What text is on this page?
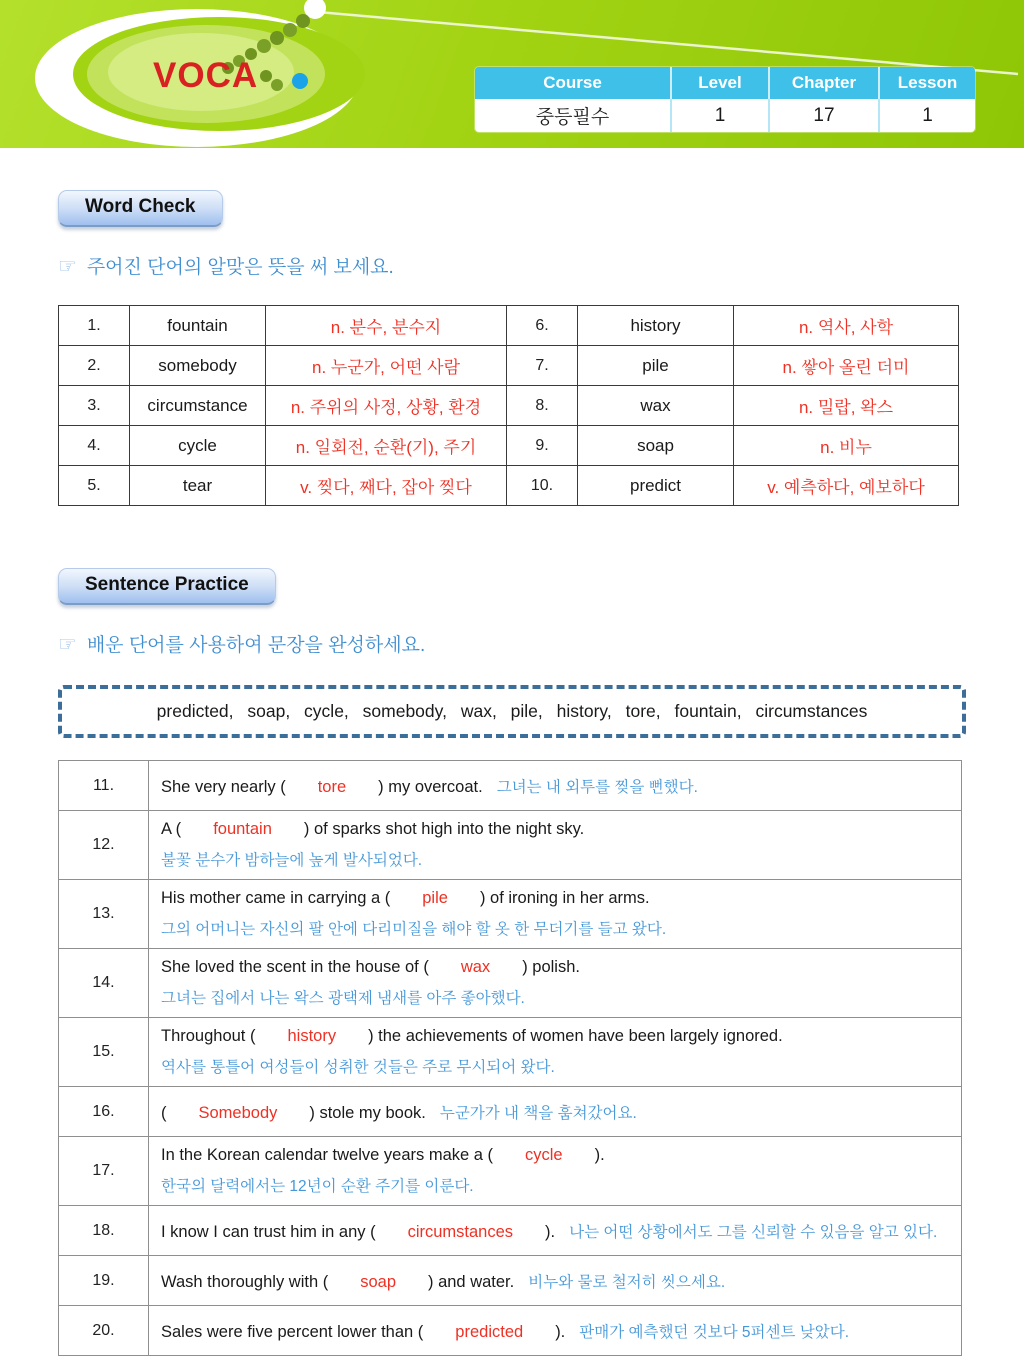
VOCA	Course	Level	Chapter	Lesson
중등필수	1	17	1
Word Check
☞ 주어진 단어의 알맞은 뜻을 써 보세요.
1.	fountain	n. 분수, 분수지	6.	history	n. 역사, 사학
2.	somebody	n. 누군가, 어떤 사람	7.	pile	n. 쌓아 올린 더미
3.	circumstance	n. 주위의 사정, 상황, 환경	8.	wax	n. 밀랍, 왁스
4.	cycle	n. 일회전, 순환(기), 주기	9.	soap	n. 비누
5.	tear	v. 찢다, 째다, 잡아 찢다	10.	predict	v. 예측하다, 예보하다
Sentence Practice
☞ 배운 단어를 사용하여 문장을 완성하세요.
predicted, soap, cycle, somebody, wax, pile, history, tore, fountain, circumstances
11.	She very nearly ( tore ) my overcoat. 그녀는 내 외투를 찢을 뻔했다.
12.	A ( fountain ) of sparks shot high into the night sky.
불꽃 분수가 밤하늘에 높게 발사되었다.

13.	His mother came in carrying a ( pile ) of ironing in her arms.
그의 어머니는 자신의 팔 안에 다리미질을 해야 할 옷 한 무더기를 들고 왔다.

14.	She loved the scent in the house of ( wax ) polish.
그녀는 집에서 나는 왁스 광택제 냄새를 아주 좋아했다.

15.	Throughout ( history ) the achievements of women have been largely ignored.
역사를 통틀어 여성들이 성취한 것들은 주로 무시되어 왔다.

16.	( Somebody ) stole my book. 누군가가 내 책을 훔쳐갔어요.
17.	In the Korean calendar twelve years make a ( cycle ).
한국의 달력에서는 12년이 순환 주기를 이룬다.

18.	I know I can trust him in any ( circumstances ). 나는 어떤 상황에서도 그를 신뢰할 수 있음을 알고 있다.
19.	Wash thoroughly with ( soap ) and water. 비누와 물로 철저히 씻으세요.
20.	Sales were five percent lower than ( predicted ). 판매가 예측했던 것보다 5퍼센트 낮았다.
